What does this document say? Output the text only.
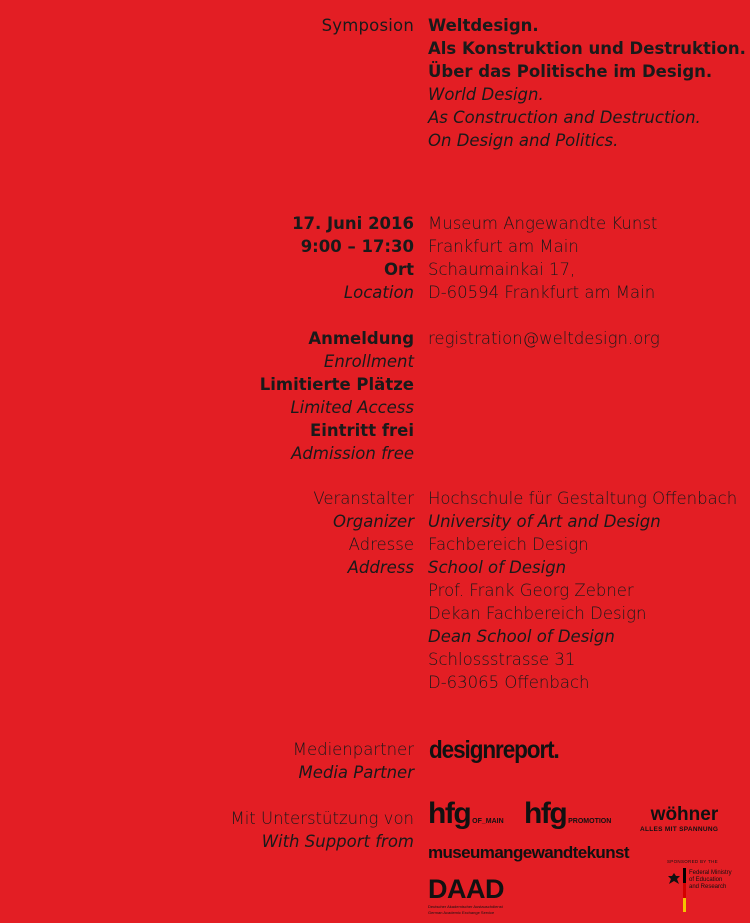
Symposion Weltdesign.
Als Konstruktion und Destruktion.
Über das Politische im Design.
World Design.
As Construction and Destruction.
On Design and Politics.
17. Juni 2016
9:00 – 17:30
Ort
Location
Museum Angewandte Kunst
Frankfurt am Main
Schaumainkai 17,
D-60594 Frankfurt am Main
Anmeldung
Enrollment
Limitierte Plätze
Limited Access
Eintritt frei
Admission free
registration@weltdesign.org
Veranstalter
Organizer
Adresse
Address
Hochschule für Gestaltung Offenbach
University of Art and Design
Fachbereich Design
School of Design
Prof. Frank Georg Zebner
Dekan Fachbereich Design
Dean School of Design
Schlossstrasse 31
D-63065 Offenbach
Medienpartner
Media Partner
designreport.
Mit Unterstützung von
With Support from
hfg OF_MAIN hfg PROMOTION	wöhner
ALLES MIT SPANNUNG
museumangewandtekunst
DAAD
Deutscher Akademischer Austauschdienst
German Academic Exchange Service
SPONSORED BY THE
Federal Ministry
of Education
and Research
